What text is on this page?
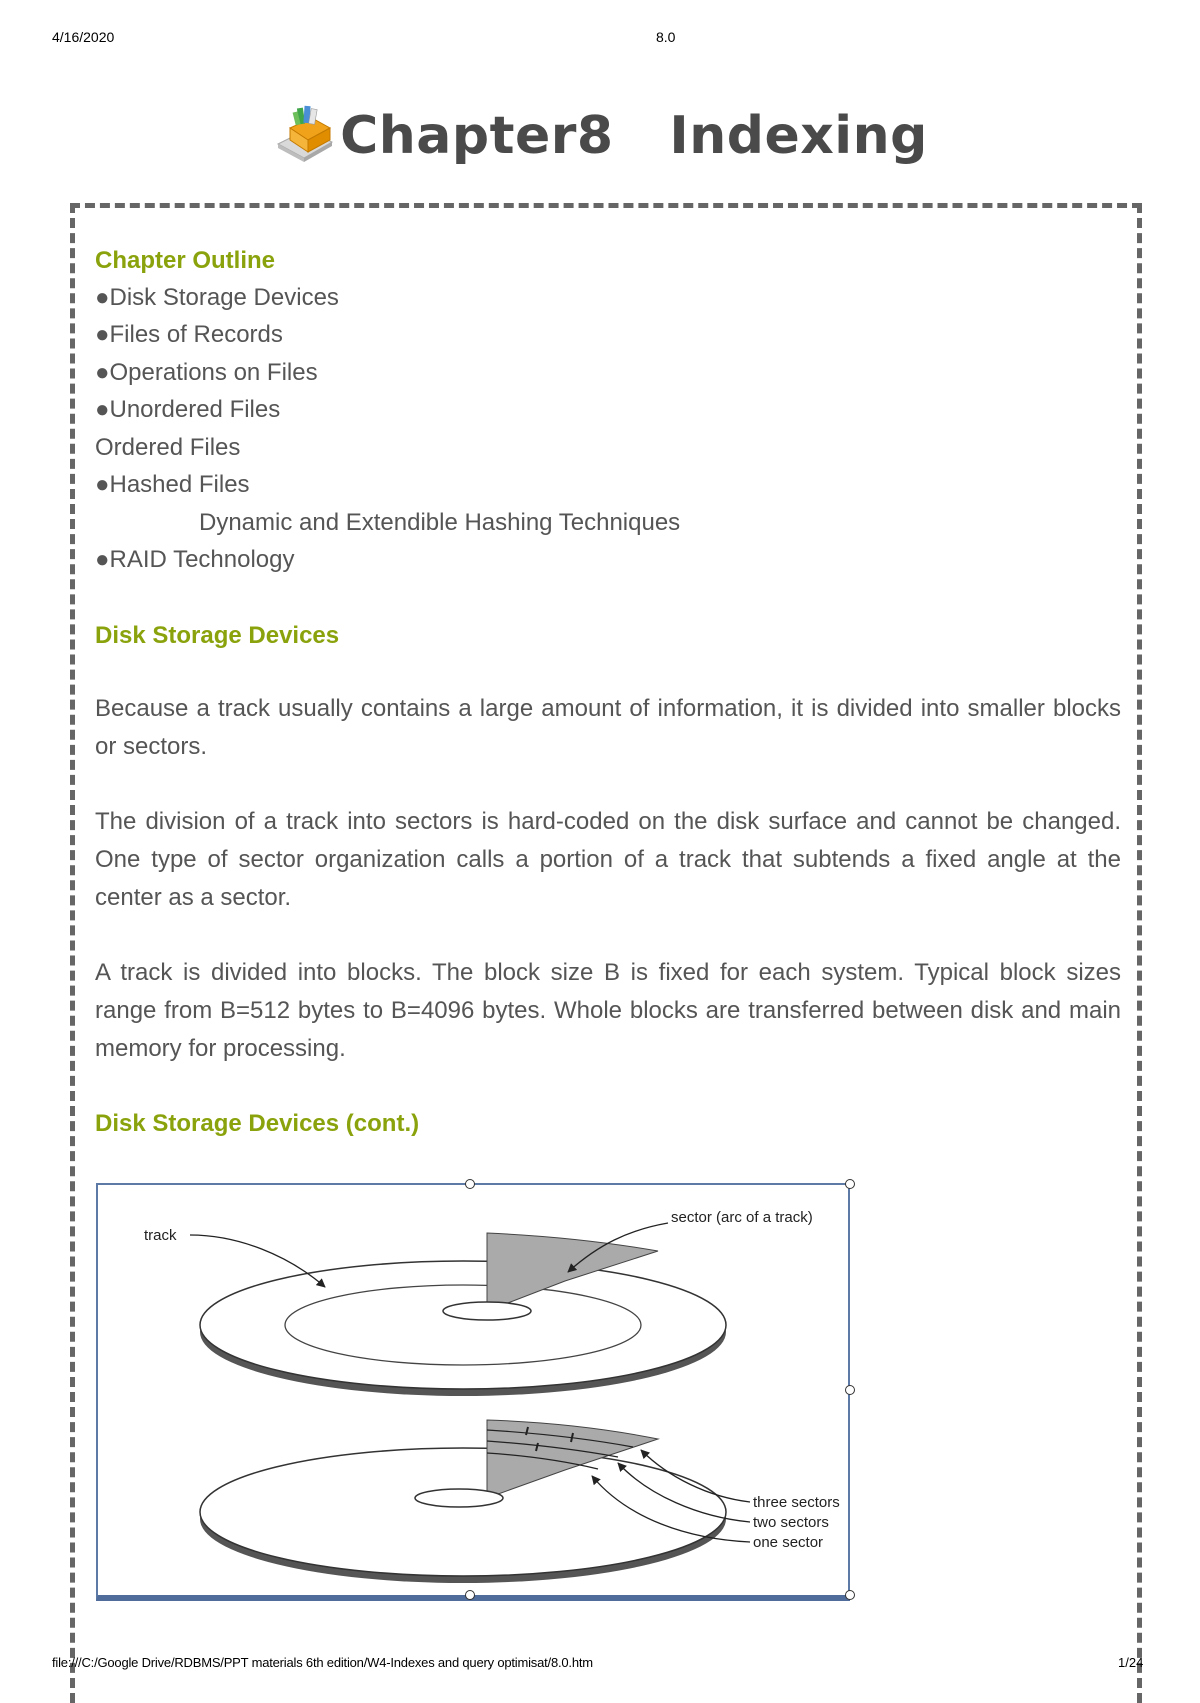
4/16/2020	8.0
Chapter8   Indexing
Chapter Outline
●Disk Storage Devices
●Files of Records
●Operations on Files
●Unordered Files
Ordered Files
●Hashed Files
Dynamic and Extendible Hashing Techniques
●RAID Technology
Disk Storage Devices
Because a track usually contains a large amount of information, it is divided into smaller blocks or sectors.
The division of a track into sectors is hard-coded on the disk surface and cannot be changed. One type of sector organization calls a portion of a track that subtends a fixed angle at the center as a sector.
A track is divided into blocks. The block size B is fixed for each system. Typical block sizes range from B=512 bytes to B=4096 bytes. Whole blocks are transferred between disk and main memory for processing.
Disk Storage Devices (cont.)
track
sector (arc of a track)
three sectors
two sectors
one sector
file:///C:/Google Drive/RDBMS/PPT materials 6th edition/W4-Indexes and query optimisat/8.0.htm	1/24
